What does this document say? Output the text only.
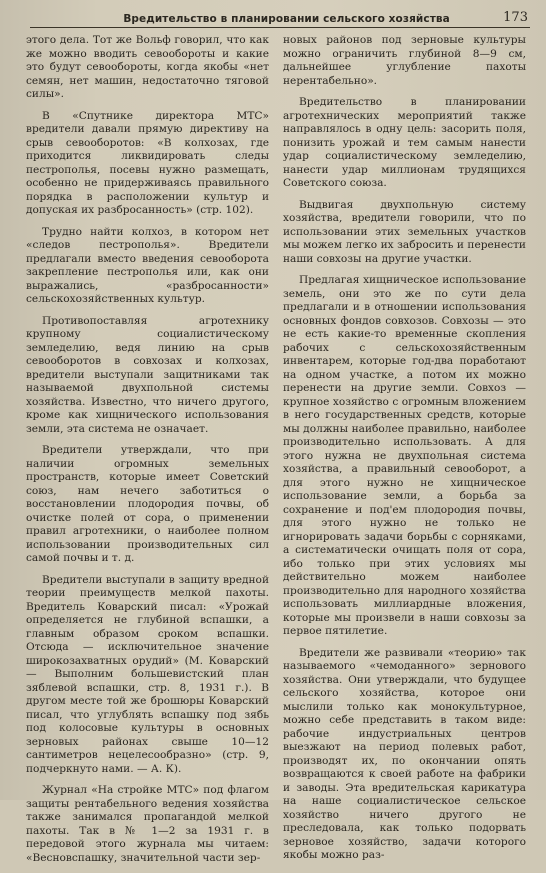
Вредительство в планировании сельского хозяйства	173

этого дела. Тот же Вольф говорил, что как же можно вводить севообороты и какие это будут севообороты, когда якобы «нет семян, нет машин, недостаточно тяговой силы».

В «Спутнике директора МТС» вредители давали прямую директиву на срыв севооборотов: «В колхозах, где приходится ликвидировать следы пестрополья, посевы нужно размещать, особенно не придерживаясь правильного порядка в расположении культур и допуская их разбросанность» (стр. 102).

Трудно найти колхоз, в котором нет «следов пестрополья». Вредители предлагали вместо введения севооборота закрепление пестрополья или, как они выражались, «разбросанности» сельскохозяйственных культур.

Противопоставляя агротехнику крупному социалистическому земледелию, ведя линию на срыв севооборотов в совхозах и колхозах, вредители выступали защитниками так называемой двухпольной системы хозяйства. Известно, что ничего другого, кроме как хищнического использования земли, эта система не означает.

Вредители утверждали, что при наличии огромных земельных пространств, которые имеет Советский союз, нам нечего заботиться о восстановлении плодородия почвы, об очистке полей от сора, о применении правил агротехники, о наиболее полном использовании производительных сил самой почвы и т. д.

Вредители выступали в защиту вредной теории преимуществ мелкой пахоты. Вредитель Коварский писал: «Урожай определяется не глубиной вспашки, а главным образом сроком вспашки. Отсюда — исключительное значение широкозахватных орудий» (М. Коварский — Выполним большевистский план зяблевой вспашки, стр. 8, 1931 г.). В другом месте той же брошюры Коварский писал, что углублять вспашку под зябь под колосовые культуры в основных зерновых районах свыше 10—12 сантиметров нецелесообразно» (стр. 9, подчеркнуто нами. — А. К).

Журнал «На стройке МТС» под флагом защиты рентабельного ведения хозяйства также занимался пропагандой мелкой пахоты. Так в № 1—2 за 1931 г. в передовой этого журнала мы читаем: «Весновспашку, значительной части зер-

новых районов под зерновые культуры можно ограничить глубиной 8—9 см, дальнейшее углубление пахоты нерентабельно».

Вредительство в планировании агротехнических мероприятий также направлялось в одну цель: засорить поля, понизить урожай и тем самым нанести удар социалистическому земледелию, нанести удар миллионам трудящихся Советского союза.

Выдвигая двухпольную систему хозяйства, вредители говорили, что по использовании этих земельных участков мы можем легко их забросить и перенести наши совхозы на другие участки.

Предлагая хищническое использование земель, они это же по сути дела предлагали и в отношении использования основных фондов совхозов. Совхозы — это не есть какие-то временные скопления рабочих с сельскохозяйственным инвентарем, которые год-два поработают на одном участке, а потом их можно перенести на другие земли. Совхоз — крупное хозяйство с огромным вложением в него государственных средств, которые мы должны наиболее правильно, наиболее производительно использовать. А для этого нужна не двухпольная система хозяйства, а правильный севооборот, а для этого нужно не хищническое использование земли, а борьба за сохранение и под'ем плодородия почвы, для этого нужно не только не игнорировать задачи борьбы с сорняками, а систематически очищать поля от сора, ибо только при этих условиях мы действительно можем наиболее производительно для народного хозяйства использовать миллиардные вложения, которые мы произвели в наши совхозы за первое пятилетие.

Вредители же развивали «теорию» так называемого «чемоданного» зернового хозяйства. Они утверждали, что будущее сельского хозяйства, которое они мыслили только как монокультурное, можно себе представить в таком виде: рабочие индустриальных центров выезжают на период полевых работ, производят их, по окончании опять возвращаются к своей работе на фабрики и заводы. Эта вредительская карикатура на наше социалистическое сельское хозяйство ничего другого не преследовала, как только подорвать зерновое хозяйство, задачи которого якобы можно раз-
